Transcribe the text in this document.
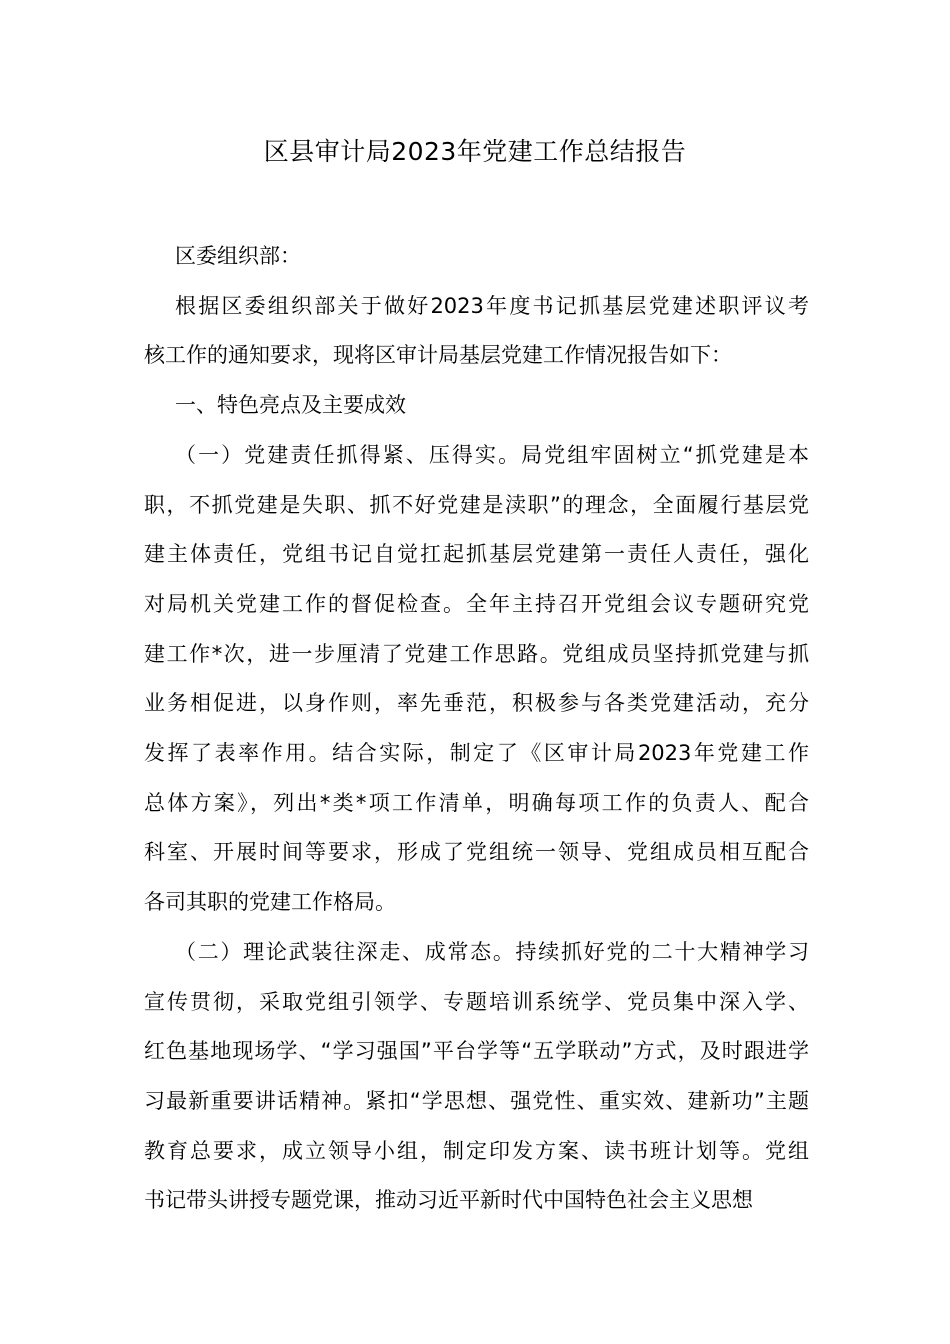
区县审计局2023年党建工作总结报告

区委组织部：

根据区委组织部关于做好2023年度书记抓基层党建述职评议考
核工作的通知要求，现将区审计局基层党建工作情况报告如下：

一、特色亮点及主要成效

（一）党建责任抓得紧、压得实。局党组牢固树立“抓党建是本
职，不抓党建是失职、抓不好党建是渎职”的理念，全面履行基层党
建主体责任，党组书记自觉扛起抓基层党建第一责任人责任，强化
对局机关党建工作的督促检查。全年主持召开党组会议专题研究党
建工作*次，进一步厘清了党建工作思路。党组成员坚持抓党建与抓
业务相促进，以身作则，率先垂范，积极参与各类党建活动，充分
发挥了表率作用。结合实际，制定了《区审计局2023年党建工作
总体方案》，列出*类*项工作清单，明确每项工作的负责人、配合
科室、开展时间等要求，形成了党组统一领导、党组成员相互配合
各司其职的党建工作格局。

（二）理论武装往深走、成常态。持续抓好党的二十大精神学习
宣传贯彻，采取党组引领学、专题培训系统学、党员集中深入学、
红色基地现场学、“学习强国”平台学等“五学联动”方式，及时跟进学
习最新重要讲话精神。紧扣“学思想、强党性、重实效、建新功”主题
教育总要求，成立领导小组，制定印发方案、读书班计划等。党组
书记带头讲授专题党课，推动习近平新时代中国特色社会主义思想
